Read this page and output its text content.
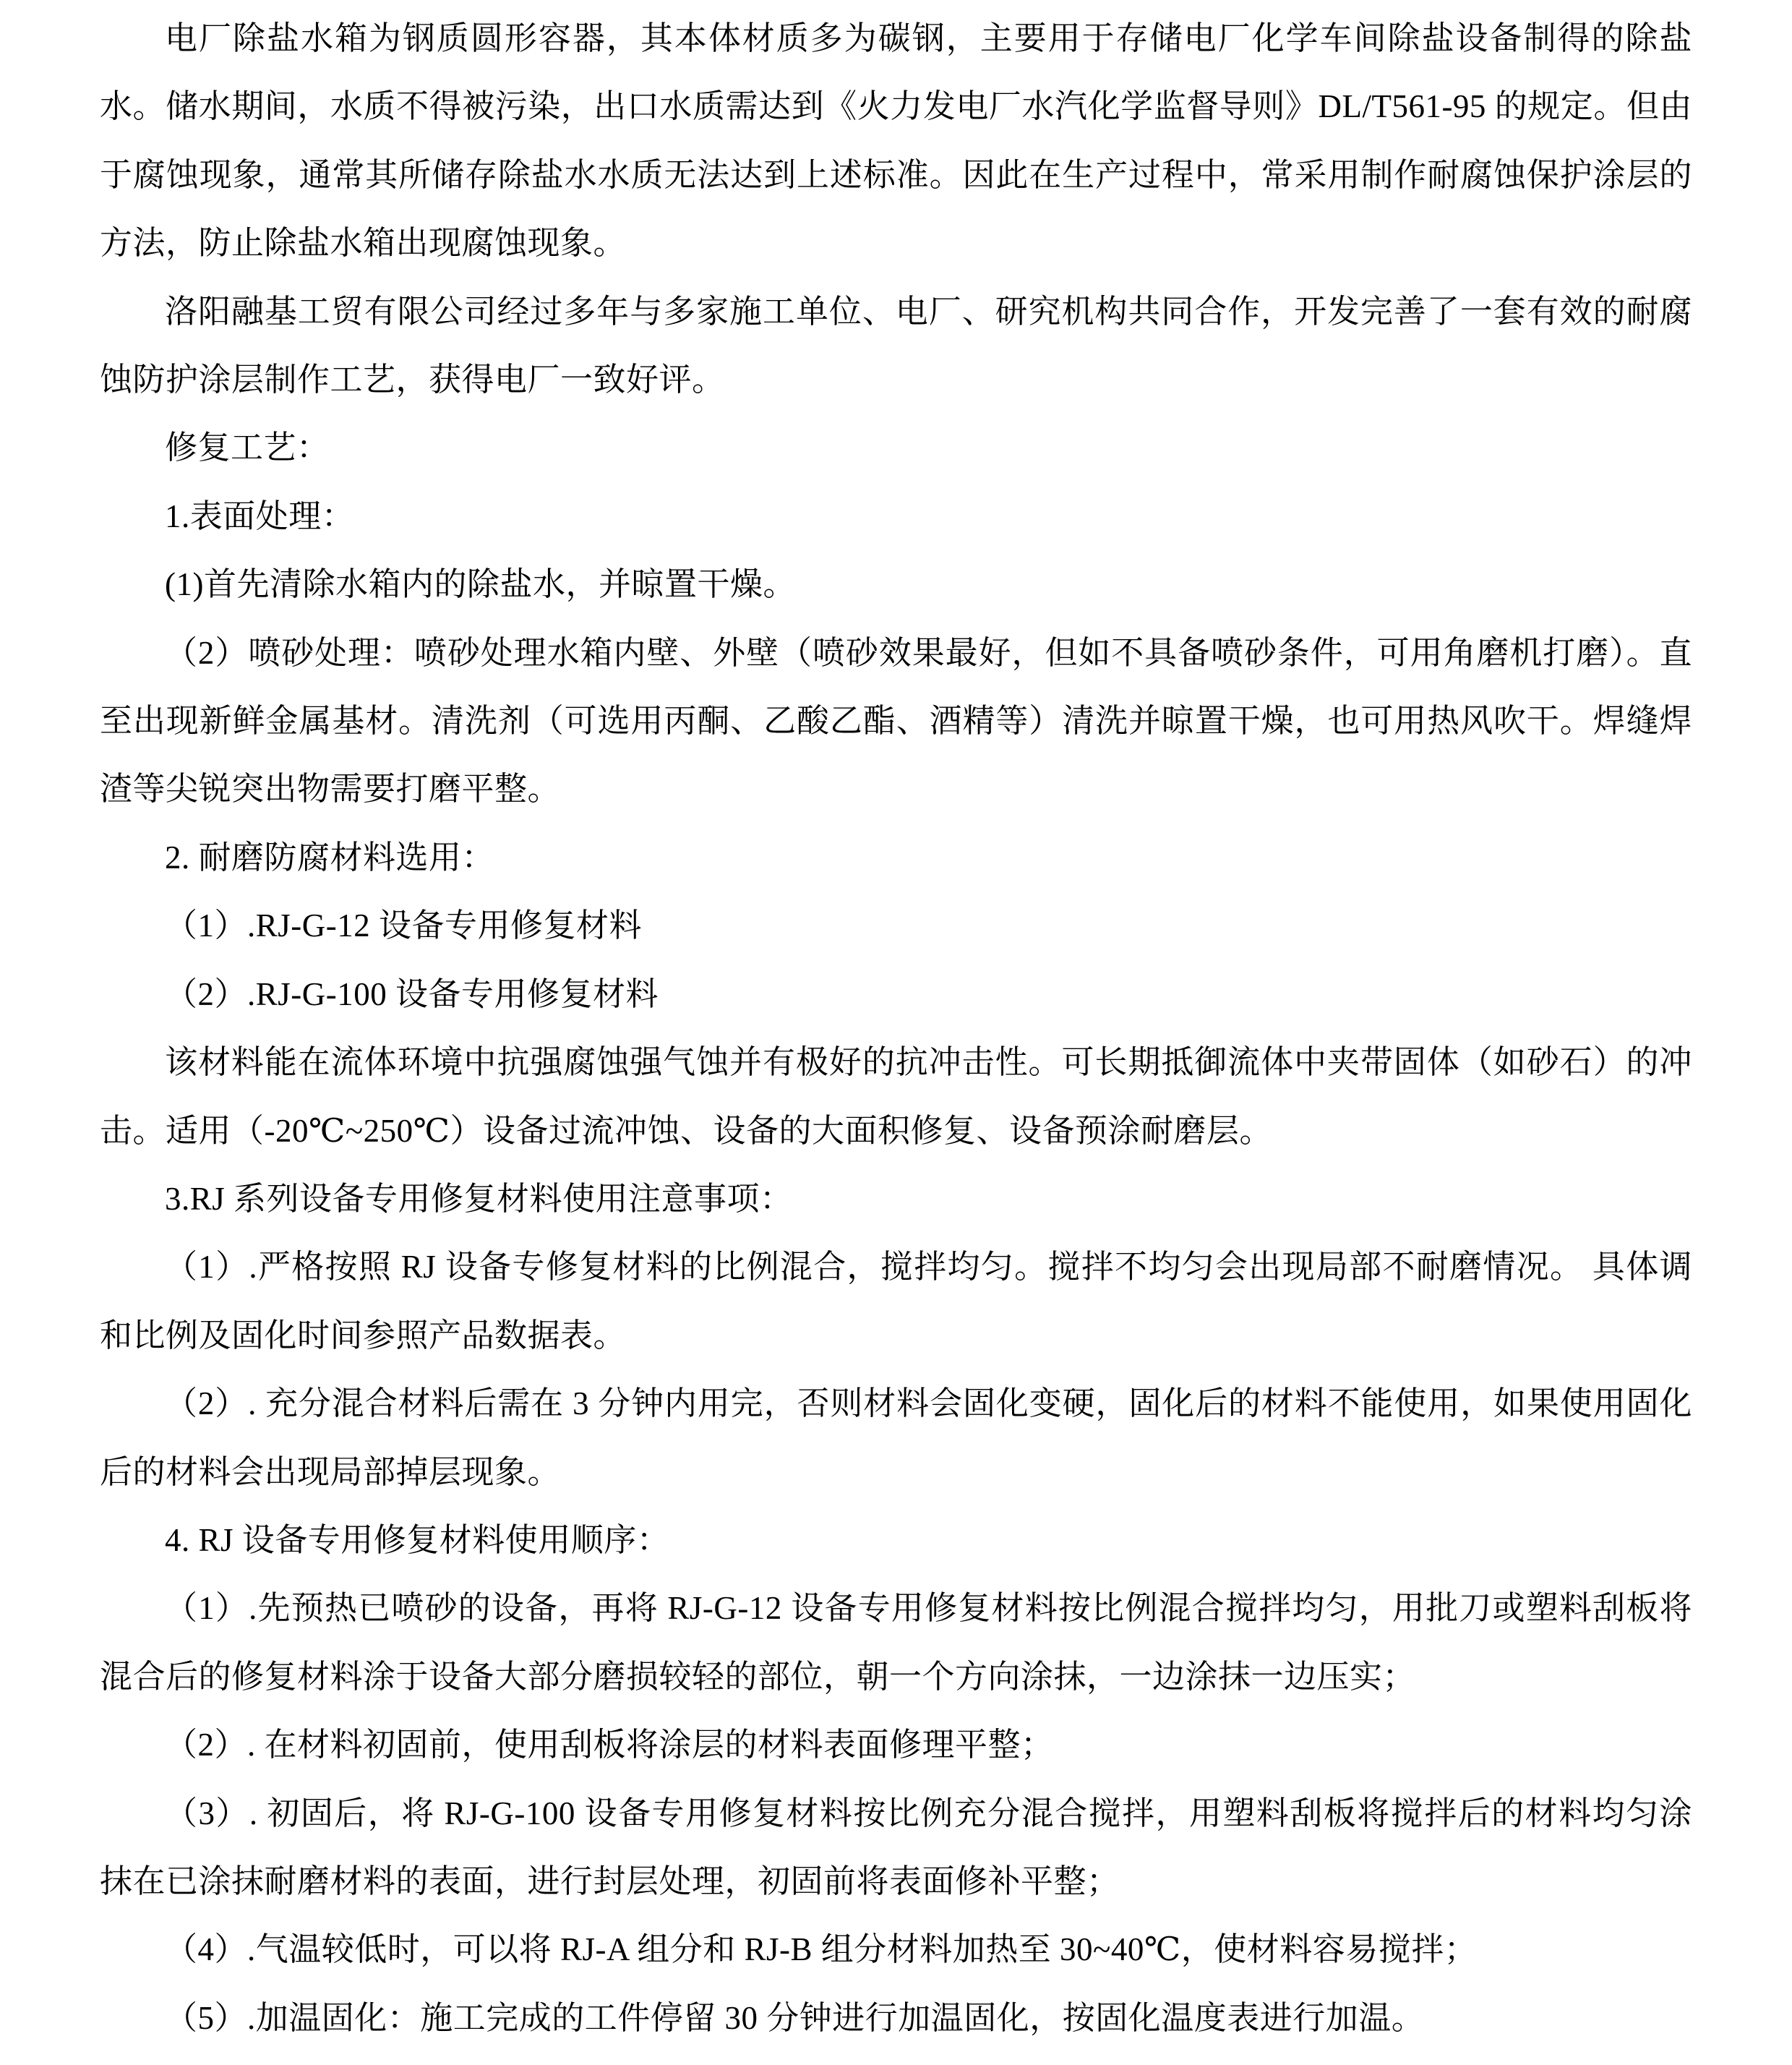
电厂除盐水箱为钢质圆形容器，其本体材质多为碳钢，主要用于存储电厂化学车间除盐设备制得的除盐水。储水期间，水质不得被污染，出口水质需达到《火力发电厂水汽化学监督导则》DL/T561-95 的规定。但由于腐蚀现象，通常其所储存除盐水水质无法达到上述标准。因此在生产过程中，常采用制作耐腐蚀保护涂层的方法，防止除盐水箱出现腐蚀现象。

洛阳融基工贸有限公司经过多年与多家施工单位、电厂、研究机构共同合作，开发完善了一套有效的耐腐蚀防护涂层制作工艺，获得电厂一致好评。

修复工艺：

1.表面处理：

(1)首先清除水箱内的除盐水，并晾置干燥。

（2）喷砂处理：喷砂处理水箱内壁、外壁（喷砂效果最好，但如不具备喷砂条件，可用角磨机打磨）。直至出现新鲜金属基材。清洗剂（可选用丙酮、乙酸乙酯、酒精等）清洗并晾置干燥，也可用热风吹干。焊缝焊渣等尖锐突出物需要打磨平整。

2. 耐磨防腐材料选用：

（1）.RJ-G-12 设备专用修复材料

（2）.RJ-G-100 设备专用修复材料

该材料能在流体环境中抗强腐蚀强气蚀并有极好的抗冲击性。可长期抵御流体中夹带固体（如砂石）的冲击。适用（-20℃~250℃）设备过流冲蚀、设备的大面积修复、设备预涂耐磨层。

3.RJ 系列设备专用修复材料使用注意事项：

（1）.严格按照 RJ 设备专修复材料的比例混合，搅拌均匀。搅拌不均匀会出现局部不耐磨情况。 具体调和比例及固化时间参照产品数据表。

（2）. 充分混合材料后需在 3 分钟内用完，否则材料会固化变硬，固化后的材料不能使用，如果使用固化后的材料会出现局部掉层现象。

4. RJ 设备专用修复材料使用顺序：

（1）.先预热已喷砂的设备，再将 RJ-G-12 设备专用修复材料按比例混合搅拌均匀，用批刀或塑料刮板将混合后的修复材料涂于设备大部分磨损较轻的部位，朝一个方向涂抹，一边涂抹一边压实；

（2）. 在材料初固前，使用刮板将涂层的材料表面修理平整；

（3）. 初固后，将 RJ-G-100 设备专用修复材料按比例充分混合搅拌，用塑料刮板将搅拌后的材料均匀涂抹在已涂抹耐磨材料的表面，进行封层处理，初固前将表面修补平整；

（4）.气温较低时，可以将 RJ-A 组分和 RJ-B 组分材料加热至 30~40℃，使材料容易搅拌；

（5）.加温固化：施工完成的工件停留 30 分钟进行加温固化，按固化温度表进行加温。
